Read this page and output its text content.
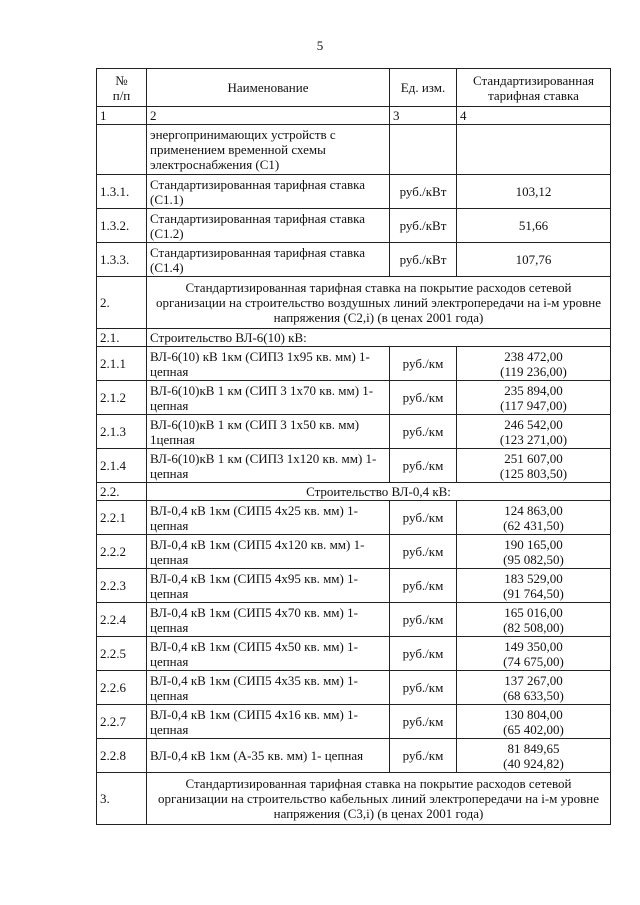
5
№
п/п	Наименование	Ед. изм.	Стандартизированная тарифная ставка
1	2	3	4
	энергопринимающих устройств с применением временной схемы электроснабжения (С1)		
1.3.1.	Стандартизированная тарифная ставка (С1.1)	руб./кВт	103,12

1.3.2.	Стандартизированная тарифная ставка (С1.2)	руб./кВт	51,66

1.3.3.	Стандартизированная тарифная ставка (С1.4)	руб./кВт	107,76

2.	Стандартизированная тарифная ставка на покрытие расходов сетевой организации на строительство воздушных линий электропередачи на i-м уровне напряжения (С2,i) (в ценах 2001 года)		
2.1.	Строительство ВЛ-6(10) кВ:		
2.1.1	ВЛ-6(10) кВ 1км (СИП3 1х95 кв. мм) 1-цепная	руб./км	238 472,00
(119 236,00)

2.1.2	ВЛ-6(10)кВ 1 км (СИП 3 1х70 кв. мм) 1-цепная	руб./км	235 894,00
(117 947,00)

2.1.3	ВЛ-6(10)кВ 1 км (СИП 3 1х50 кв. мм) 1цепная	руб./км	246 542,00
(123 271,00)

2.1.4	ВЛ-6(10)кВ 1 км (СИП3 1х120 кв. мм) 1-цепная	руб./км	251 607,00
(125 803,50)

2.2.	Строительство ВЛ-0,4 кВ:		
2.2.1	ВЛ-0,4 кВ 1км (СИП5 4х25 кв. мм) 1- цепная	руб./км	124 863,00
(62 431,50)

2.2.2	ВЛ-0,4 кВ 1км (СИП5 4х120 кв. мм) 1- цепная	руб./км	190 165,00
(95 082,50)

2.2.3	ВЛ-0,4 кВ 1км (СИП5 4х95 кв. мм) 1- цепная	руб./км	183 529,00
(91 764,50)

2.2.4	ВЛ-0,4 кВ 1км (СИП5 4х70 кв. мм) 1- цепная	руб./км	165 016,00
(82 508,00)

2.2.5	ВЛ-0,4 кВ 1км (СИП5 4х50 кв. мм) 1- цепная	руб./км	149 350,00
(74 675,00)

2.2.6	ВЛ-0,4 кВ 1км (СИП5 4х35 кв. мм) 1- цепная	руб./км	137 267,00
(68 633,50)

2.2.7	ВЛ-0,4 кВ 1км (СИП5 4х16 кв. мм) 1- цепная	руб./км	130 804,00
(65 402,00)

2.2.8	ВЛ-0,4 кВ 1км (А-35 кв. мм) 1- цепная	руб./км	81 849,65
(40 924,82)

3.	Стандартизированная тарифная ставка на покрытие расходов сетевой организации на строительство кабельных линий электропередачи на i-м уровне напряжения (С3,i) (в ценах 2001 года)		
